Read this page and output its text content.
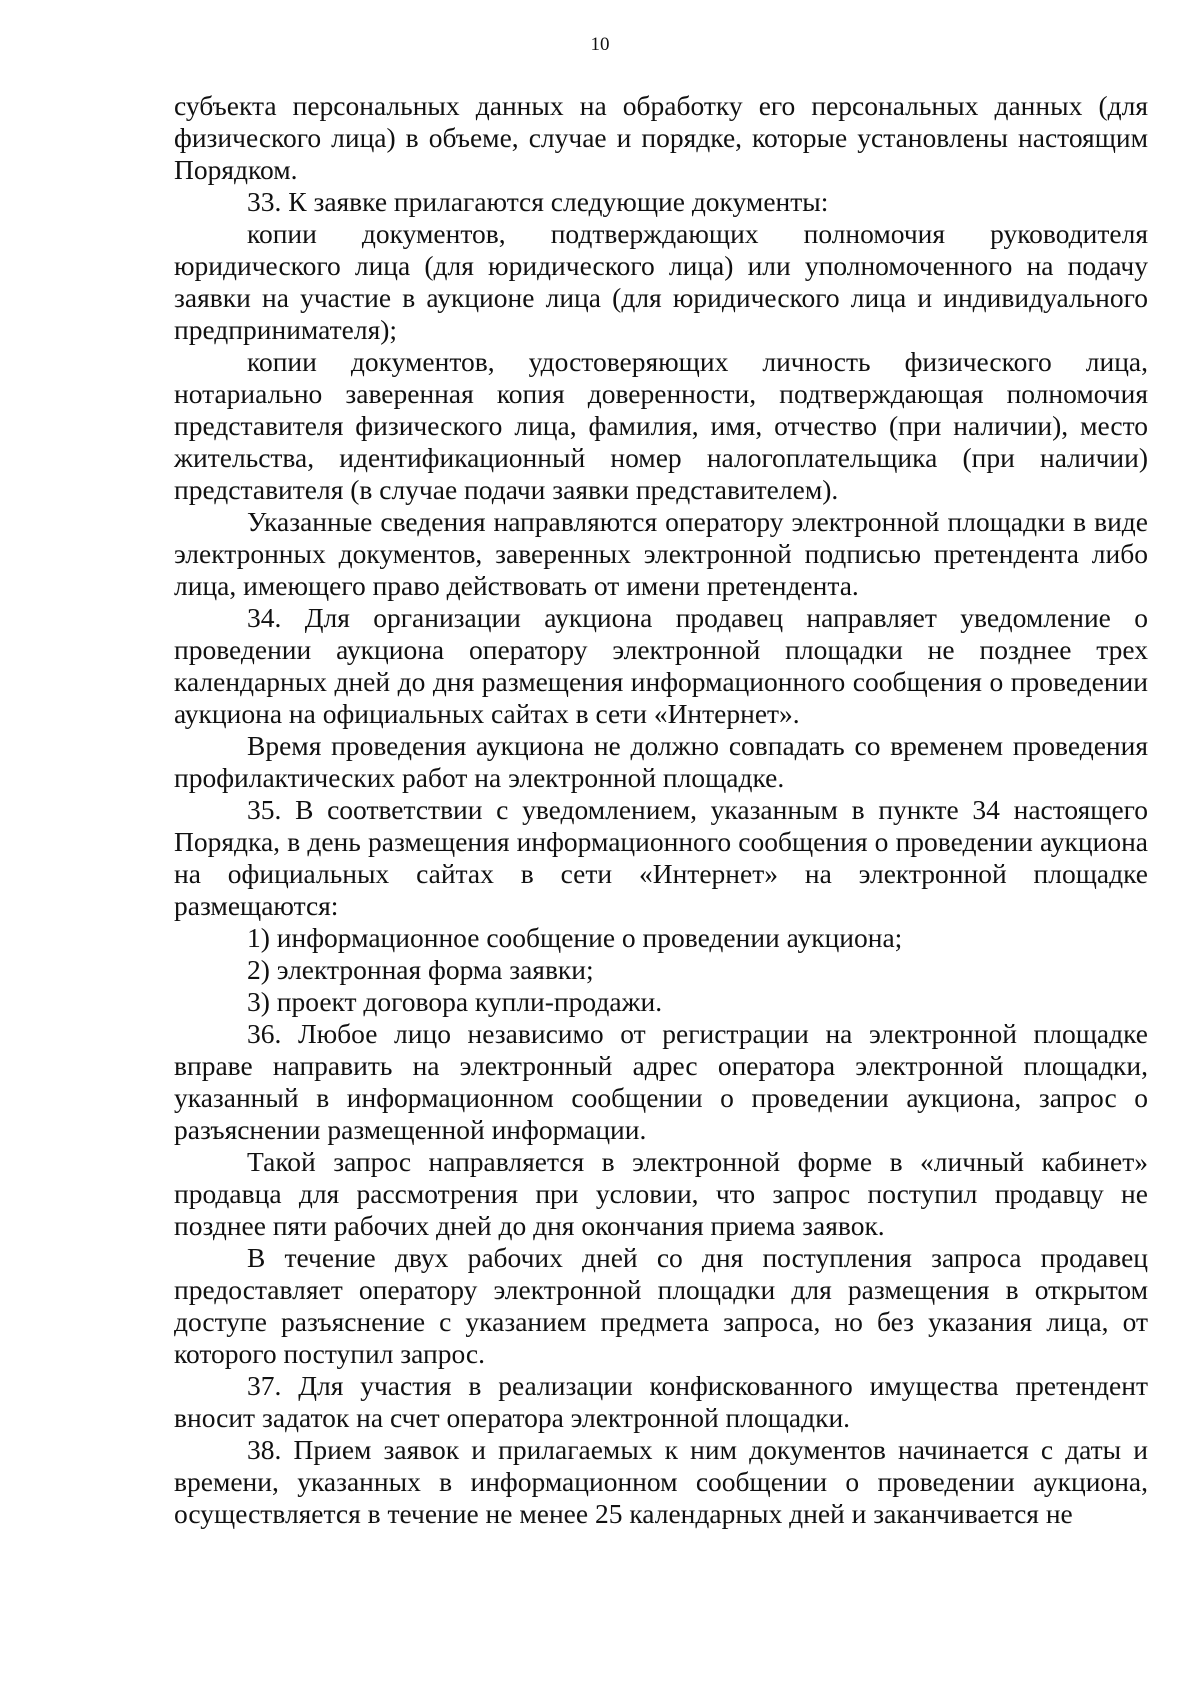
10

субъекта персональных данных на обработку его персональных данных (для физического лица) в объеме, случае и порядке, которые установлены настоящим Порядком.

33. К заявке прилагаются следующие документы:

копии документов, подтверждающих полномочия руководителя юридического лица (для юридического лица) или уполномоченного на подачу заявки на участие в аукционе лица (для юридического лица и индивидуального предпринимателя);

копии документов, удостоверяющих личность физического лица, нотариально заверенная копия доверенности, подтверждающая полномочия представителя физического лица, фамилия, имя, отчество (при наличии), место жительства, идентификационный номер налогоплательщика (при наличии) представителя (в случае подачи заявки представителем).

Указанные сведения направляются оператору электронной площадки в виде электронных документов, заверенных электронной подписью претендента либо лица, имеющего право действовать от имени претендента.

34. Для организации аукциона продавец направляет уведомление о проведении аукциона оператору электронной площадки не позднее трех календарных дней до дня размещения информационного сообщения о проведении аукциона на официальных сайтах в сети «Интернет».

Время проведения аукциона не должно совпадать со временем проведения профилактических работ на электронной площадке.

35. В соответствии с уведомлением, указанным в пункте 34 настоящего Порядка, в день размещения информационного сообщения о проведении аукциона на официальных сайтах в сети «Интернет» на электронной площадке размещаются:

1) информационное сообщение о проведении аукциона;

2) электронная форма заявки;

3) проект договора купли-продажи.

36. Любое лицо независимо от регистрации на электронной площадке вправе направить на электронный адрес оператора электронной площадки, указанный в информационном сообщении о проведении аукциона, запрос о разъяснении размещенной информации.

Такой запрос направляется в электронной форме в «личный кабинет» продавца для рассмотрения при условии, что запрос поступил продавцу не позднее пяти рабочих дней до дня окончания приема заявок.

В течение двух рабочих дней со дня поступления запроса продавец предоставляет оператору электронной площадки для размещения в открытом доступе разъяснение с указанием предмета запроса, но без указания лица, от которого поступил запрос.

37. Для участия в реализации конфискованного имущества претендент вносит задаток на счет оператора электронной площадки.

38. Прием заявок и прилагаемых к ним документов начинается с даты и времени, указанных в информационном сообщении о проведении аукциона, осуществляется в течение не менее 25 календарных дней и заканчивается не
